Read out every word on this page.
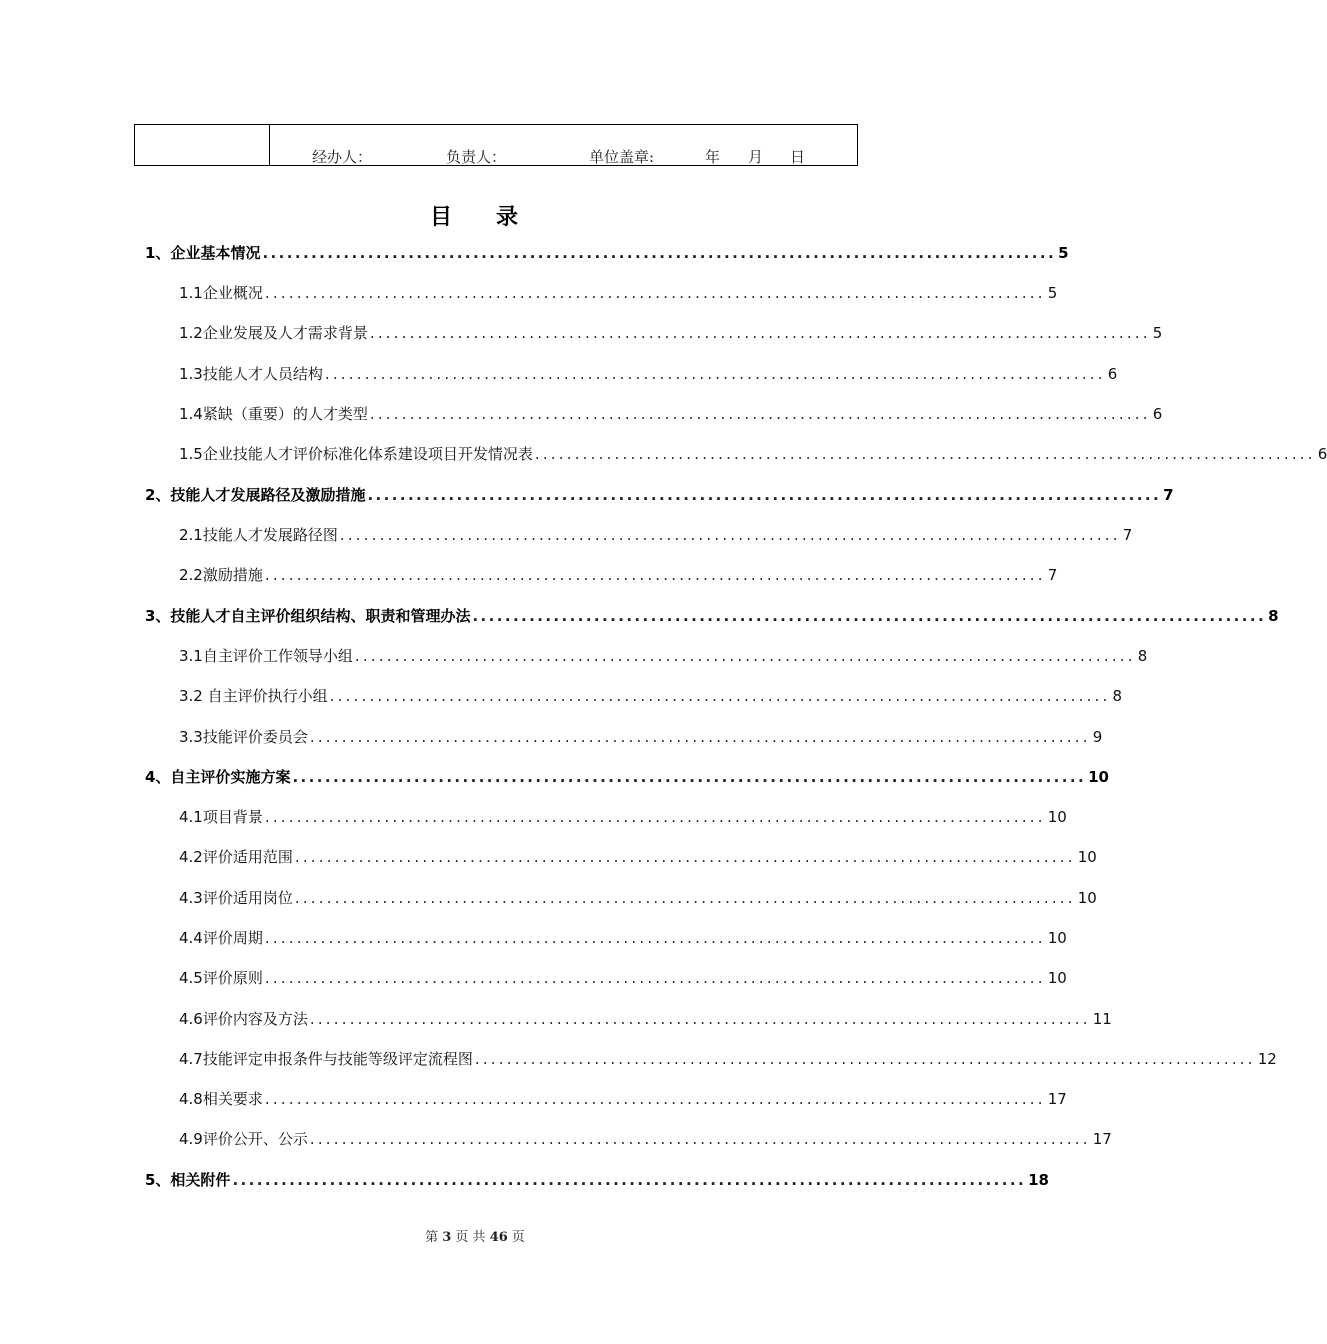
经办人：	负责人：	单位盖章:	年 月 日
目 录
1、企业基本情况 .................................................................................................. 5
1.1企业概况 .................................................................................................. 5
1.2企业发展及人才需求背景 .................................................................................................. 5
1.3技能人才人员结构 .................................................................................................. 6
1.4紧缺（重要）的人才类型 .................................................................................................. 6
1.5企业技能人才评价标准化体系建设项目开发情况表 .................................................................................................. 6
2、技能人才发展路径及激励措施 .................................................................................................. 7
2.1技能人才发展路径图 .................................................................................................. 7
2.2激励措施 .................................................................................................. 7
3、技能人才自主评价组织结构、职责和管理办法 .................................................................................................. 8
3.1自主评价工作领导小组 .................................................................................................. 8
3.2 自主评价执行小组 .................................................................................................. 8
3.3技能评价委员会 .................................................................................................. 9
4、自主评价实施方案 .................................................................................................. 10
4.1项目背景 .................................................................................................. 10
4.2评价适用范围 .................................................................................................. 10
4.3评价适用岗位 .................................................................................................. 10
4.4评价周期 .................................................................................................. 10
4.5评价原则 .................................................................................................. 10
4.6评价内容及方法 .................................................................................................. 11
4.7技能评定申报条件与技能等级评定流程图 .................................................................................................. 12
4.8相关要求 .................................................................................................. 17
4.9评价公开、公示 .................................................................................................. 17
5、相关附件 .................................................................................................. 18
第 3 页 共 46 页
